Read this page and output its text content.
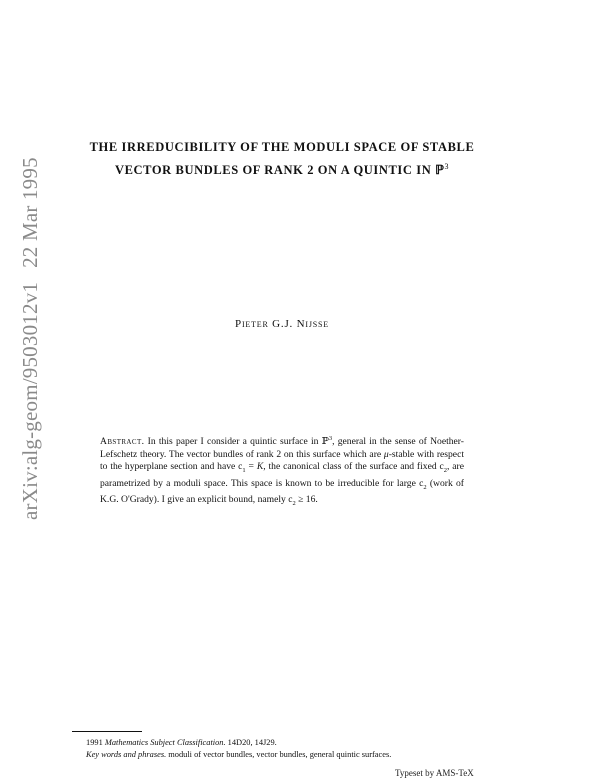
arXiv:alg-geom/9503012v122 Mar 1995
THE IRREDUCIBILITY OF THE MODULI SPACE OF STABLE
VECTOR BUNDLES OF RANK 2 ON A QUINTIC IN ℙ$^3$
Pieter G.J. Nijsse
Abstract. In this paper I consider a quintic surface in ℙ$^3$, general in the sense of Noether-Lefschetz theory. The vector bundles of rank 2 on this surface which are μ-stable with respect to the hyperplane section and have $c_1 = K$, the canonical class of the surface and fixed $c_2$, are parametrized by a moduli space. This space is known to be irreducible for large $c_2$ (work of K.G. O'Grady). I give an explicit bound, namely $c_2 \ge 16$.
1991 Mathematics Subject Classification. 14D20, 14J29.
Key words and phrases. moduli of vector bundles, vector bundles, general quintic surfaces.
Typeset by AMS-TeX
